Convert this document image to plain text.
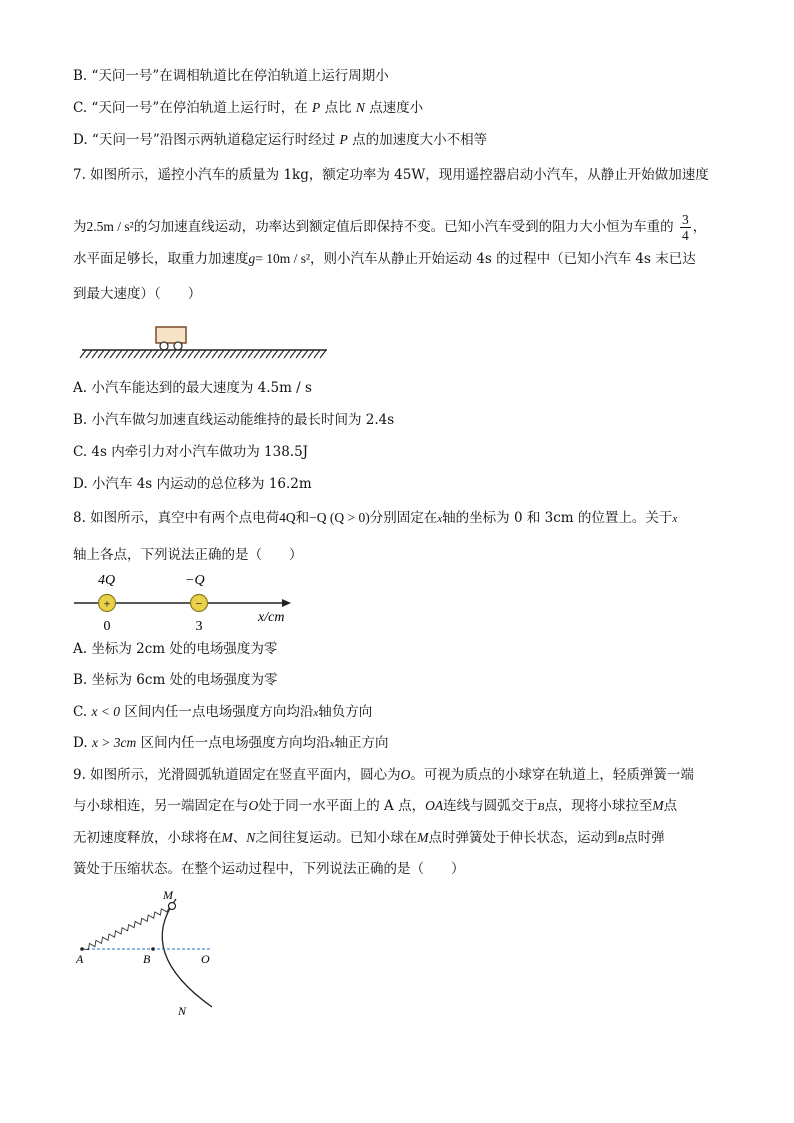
B. “天问一号”在调相轨道比在停泊轨道上运行周期小
C. “天问一号”在停泊轨道上运行时，在 P 点比 N 点速度小
D. “天问一号”沿图示两轨道稳定运行时经过 P 点的加速度大小不相等
7. 如图所示，遥控小汽车的质量为 1kg，额定功率为 45W，现用遥控器启动小汽车，从静止开始做加速度
为2.5m / s²的匀加速直线运动，功率达到额定值后即保持不变。已知小汽车受到的阻力大小恒为车重的 $\frac{3}{4}$ ，
水平面足够长，取重力加速度g= 10m / s²，则小汽车从静止开始运动 4s 的过程中（已知小汽车 4s 末已达
到最大速度）（　　）
A. 小汽车能达到的最大速度为 4.5m / s
B. 小汽车做匀加速直线运动能维持的最长时间为 2.4s
C. 4s 内牵引力对小汽车做功为 138.5J
D. 小汽车 4s 内运动的总位移为 16.2m
8. 如图所示，真空中有两个点电荷4Q和−Q (Q > 0)分别固定在x轴的坐标为 0 和 3cm 的位置上。关于x
轴上各点，下列说法正确的是（　　）
4Q	−Q
+	−
0	3
x/cm
A. 坐标为 2cm 处的电场强度为零
B. 坐标为 6cm 处的电场强度为零
C. x < 0 区间内任一点电场强度方向均沿x轴负方向
D. x > 3cm 区间内任一点电场强度方向均沿x轴正方向
9. 如图所示，光滑圆弧轨道固定在竖直平面内，圆心为O。可视为质点的小球穿在轨道上，轻质弹簧一端
与小球相连，另一端固定在与O处于同一水平面上的 A 点，OA连线与圆弧交于B点，现将小球拉至M点
无初速度释放，小球将在M、N之间往复运动。已知小球在M点时弹簧处于伸长状态，运动到B点时弹
簧处于压缩状态。在整个运动过程中，下列说法正确的是（　　）
M
A	B	O
N
